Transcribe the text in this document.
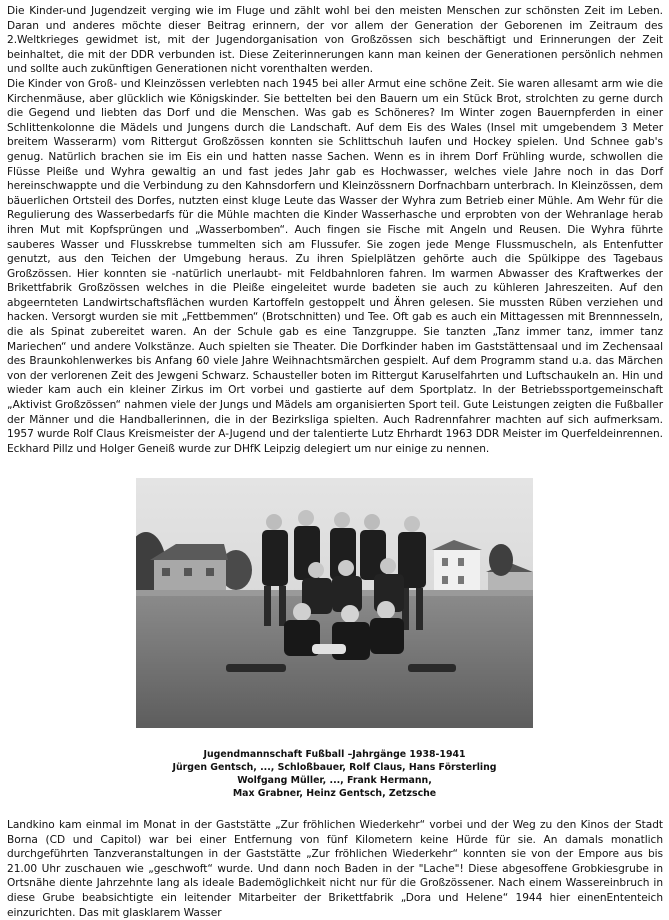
Die Kinder-und Jugendzeit verging wie im Fluge und zählt wohl bei den meisten Menschen zur schönsten Zeit im Leben. Daran und anderes möchte dieser Beitrag erinnern, der vor allem der Generation der Geborenen im Zeitraum des 2.Weltkrieges gewidmet ist, mit der Jugendorganisation von Großzössen sich beschäftigt und Erinnerungen der Zeit beinhaltet, die mit der DDR verbunden ist. Diese Zeiterinnerungen kann man keinen der Generationen persönlich nehmen und sollte auch zukünftigen Generationen nicht vorenthalten werden.

Die Kinder von Groß- und Kleinzössen verlebten nach 1945 bei aller Armut eine schöne Zeit. Sie waren allesamt arm wie die Kirchenmäuse, aber glücklich wie Königskinder. Sie bettelten bei den Bauern um ein Stück Brot, strolchten zu gerne durch die Gegend und liebten das Dorf und die Menschen. Was gab es Schöneres? Im Winter zogen Bauernpferden in einer Schlittenkolonne die Mädels und Jungens durch die Landschaft. Auf dem Eis des Wales (Insel mit umgebendem 3 Meter breitem Wasserarm) vom Rittergut Großzössen konnten sie Schlittschuh laufen und Hockey spielen. Und Schnee gab's genug. Natürlich brachen sie im Eis ein und hatten nasse Sachen. Wenn es in ihrem Dorf Frühling wurde, schwollen die Flüsse Pleiße und Wyhra gewaltig an und fast jedes Jahr gab es Hochwasser, welches viele Jahre noch in das Dorf hereinschwappte und die Verbindung zu den Kahnsdorfern und Kleinzössnern Dorfnachbarn unterbrach. In Kleinzössen, dem bäuerlichen Ortsteil des Dorfes, nutzten einst kluge Leute das Wasser der Wyhra zum Betrieb einer Mühle. Am Wehr für die Regulierung des Wasserbedarfs für die Mühle machten die Kinder Wasserhasche und erprobten von der Wehranlage herab ihren Mut mit Kopfsprüngen und „Wasserbomben“. Auch fingen sie Fische mit Angeln und Reusen. Die Wyhra führte sauberes Wasser und Flusskrebse tummelten sich am Flussufer. Sie zogen jede Menge Flussmuscheln, als Entenfutter genutzt, aus den Teichen der Umgebung heraus. Zu ihren Spielplätzen gehörte auch die Spülkippe des Tagebaus Großzössen. Hier konnten sie -natürlich unerlaubt- mit Feldbahnloren fahren. Im warmen Abwasser des Kraftwerkes der Brikettfabrik Großzössen welches in die Pleiße eingeleitet wurde badeten sie auch zu kühleren Jahreszeiten. Auf den abgeernteten Landwirtschaftsflächen wurden Kartoffeln gestoppelt und Ähren gelesen. Sie mussten Rüben verziehen und hacken. Versorgt wurden sie mit „Fettbemmen“ (Brotschnitten) und Tee. Oft gab es auch ein Mittagessen mit Brennnesseln, die als Spinat zubereitet waren. An der Schule gab es eine Tanzgruppe. Sie tanzten „Tanz immer tanz, immer tanz Mariechen“ und andere Volkstänze. Auch spielten sie Theater. Die Dorfkinder haben im Gaststättensaal und im Zechensaal des Braunkohlenwerkes bis Anfang 60 viele Jahre Weihnachtsmärchen gespielt. Auf dem Programm stand u.a. das Märchen von der verlorenen Zeit des Jewgeni Schwarz. Schausteller boten im Rittergut Karuselfahrten und Luftschaukeln an. Hin und wieder kam auch ein kleiner Zirkus im Ort vorbei und gastierte auf dem Sportplatz. In der Betriebssportgemeinschaft „Aktivist Großzössen“ nahmen viele der Jungs und Mädels am organisierten Sport teil. Gute Leistungen zeigten die Fußballer der Männer und die Handballerinnen, die in der Bezirksliga spielten. Auch Radrennfahrer machten auf sich aufmerksam. 1957 wurde Rolf Claus Kreismeister der A-Jugend und der talentierte Lutz Ehrhardt 1963 DDR Meister im Querfeldeinrennen. Eckhard Pillz und Holger Geneiß wurde zur DHfK Leipzig delegiert um nur einige zu nennen.

Jugendmannschaft Fußball –Jahrgänge 1938-1941
Jürgen Gentsch, ..., Schloßbauer, Rolf Claus, Hans Försterling
Wolfgang Müller, ..., Frank Hermann,
Max Grabner, Heinz Gentsch, Zetzsche

Landkino kam einmal im Monat in der Gaststätte „Zur fröhlichen Wiederkehr“ vorbei und der Weg zu den Kinos der Stadt Borna (CD und Capitol) war bei einer Entfernung von fünf Kilometern keine Hürde für sie. An damals monatlich durchgeführten Tanzveranstaltungen in der Gaststätte „Zur fröhlichen Wiederkehr“ konnten sie von der Empore aus bis 21.00 Uhr zuschauen wie „geschwoft“ wurde. Und dann noch Baden in der "Lache"! Diese abgesoffene Grobkiesgrube in Ortsnähe diente Jahrzehnte lang als ideale Bademöglichkeit nicht nur für die Großzössener. Nach einem Wassereinbruch in diese Grube beabsichtigte ein leitender Mitarbeiter der Brikettfabrik „Dora und Helene“ 1944 hier einenEntenteich einzurichten. Das mit glasklarem Wasser
